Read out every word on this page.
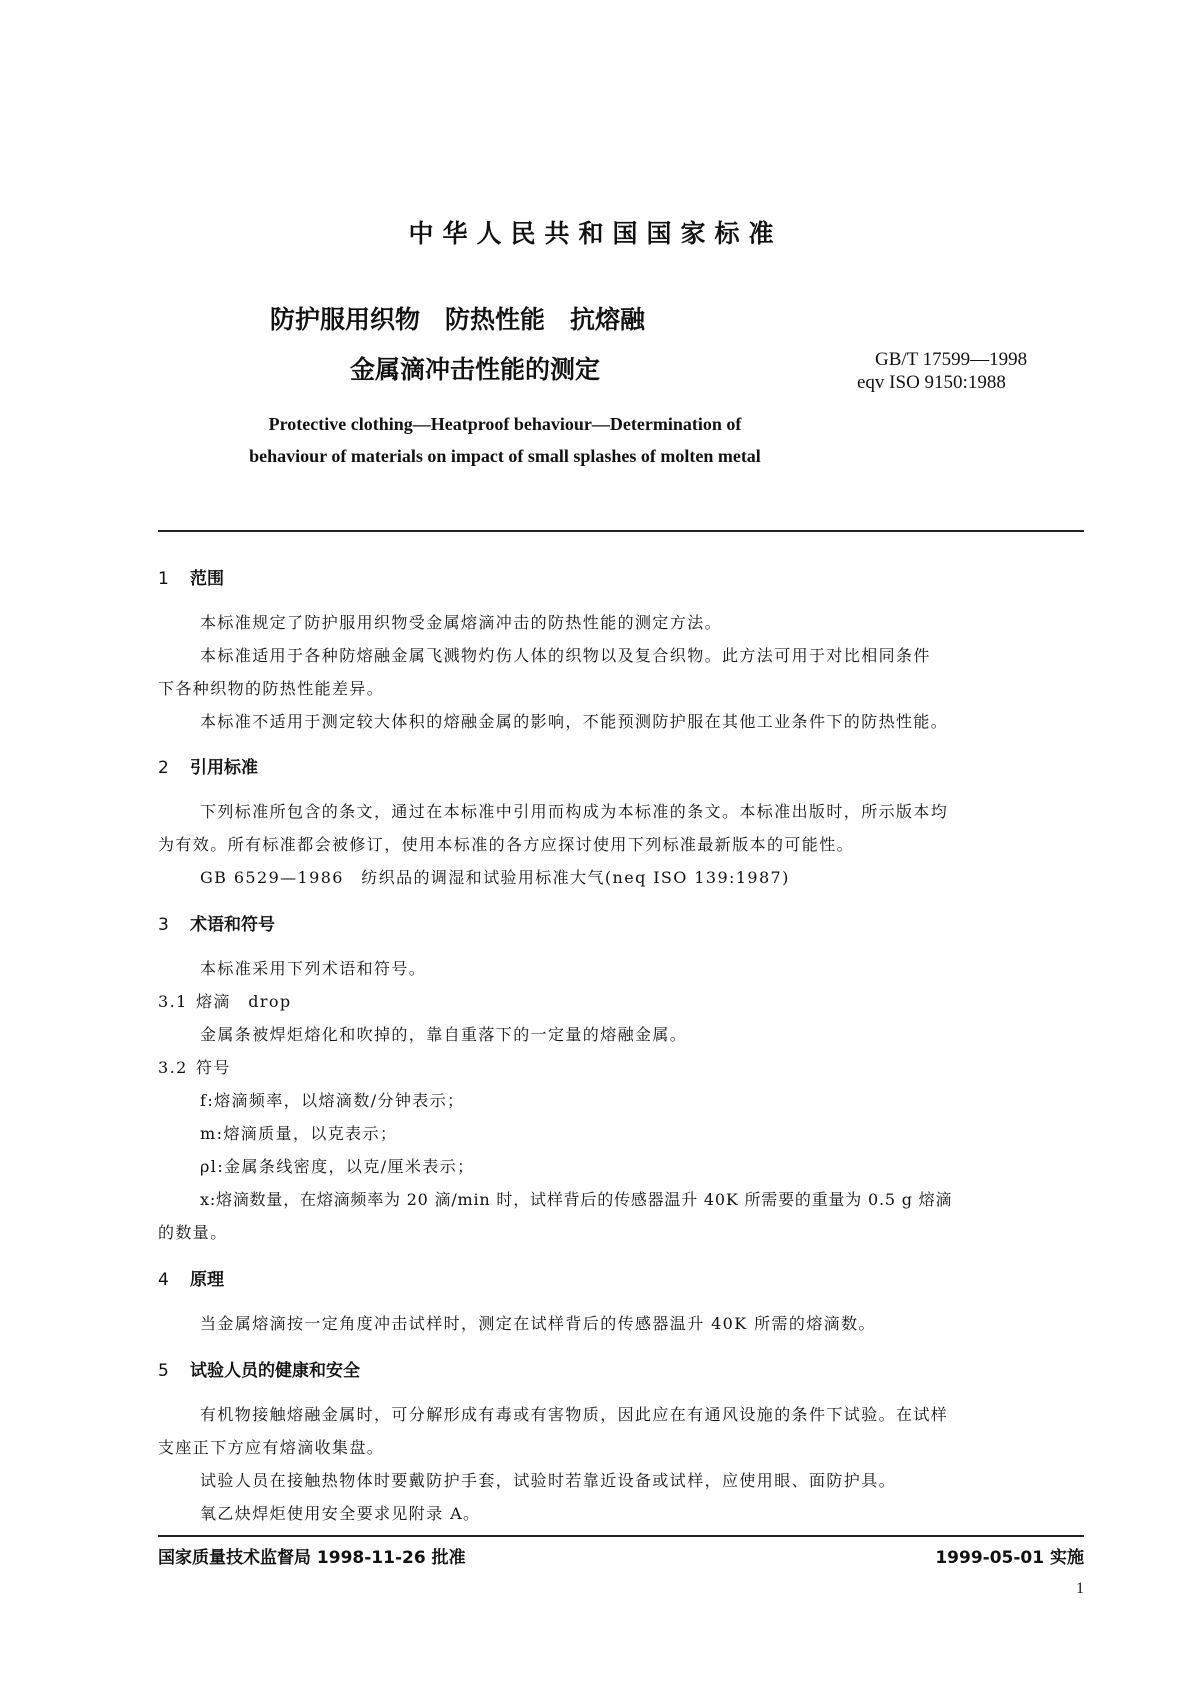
中华人民共和国国家标准
防护服用织物　防热性能　抗熔融
金属滴冲击性能的测定	GB/T 17599—1998
eqv ISO 9150:1988
Protective clothing—Heatproof behaviour—Determination of
behaviour of materials on impact of small splashes of molten metal
1 范围
本标准规定了防护服用织物受金属熔滴冲击的防热性能的测定方法。
本标准适用于各种防熔融金属飞溅物灼伤人体的织物以及复合织物。此方法可用于对比相同条件
下各种织物的防热性能差异。
本标准不适用于测定较大体积的熔融金属的影响，不能预测防护服在其他工业条件下的防热性能。
2 引用标准
下列标准所包含的条文，通过在本标准中引用而构成为本标准的条文。本标准出版时，所示版本均
为有效。所有标准都会被修订，使用本标准的各方应探讨使用下列标准最新版本的可能性。
GB 6529—1986　纺织品的调湿和试验用标准大气(neq ISO 139:1987)
3 术语和符号
本标准采用下列术语和符号。
3.1 熔滴　drop
金属条被焊炬熔化和吹掉的，靠自重落下的一定量的熔融金属。
3.2 符号
f:熔滴频率，以熔滴数/分钟表示；
m:熔滴质量，以克表示；
ρl:金属条线密度，以克/厘米表示；
x:熔滴数量，在熔滴频率为 20 滴/min 时，试样背后的传感器温升 40K 所需要的重量为 0.5 g 熔滴
的数量。
4 原理
当金属熔滴按一定角度冲击试样时，测定在试样背后的传感器温升 40K 所需的熔滴数。
5 试验人员的健康和安全
有机物接触熔融金属时，可分解形成有毒或有害物质，因此应在有通风设施的条件下试验。在试样
支座正下方应有熔滴收集盘。
试验人员在接触热物体时要戴防护手套，试验时若靠近设备或试样，应使用眼、面防护具。
氧乙炔焊炬使用安全要求见附录 A。
国家质量技术监督局 1998-11-26 批准	1999-05-01 实施
1
